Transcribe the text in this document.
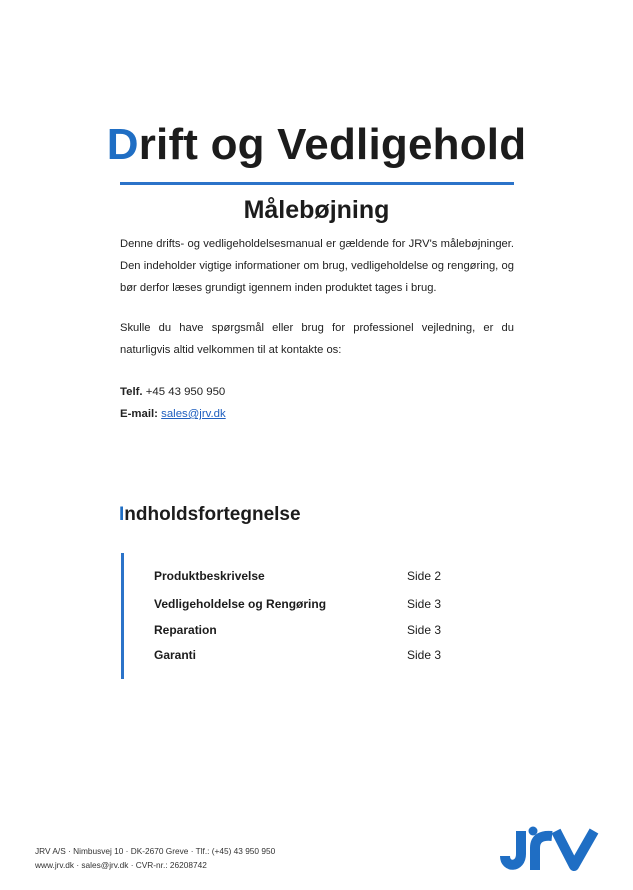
Drift og Vedligehold
Målebøjning

Denne drifts- og vedligeholdelsesmanual er gældende for JRV's målebøjninger. Den indeholder vigtige informationer om brug, vedligeholdelse og rengøring, og bør derfor læses grundigt igennem inden produktet tages i brug.

Skulle du have spørgsmål eller brug for professionel vejledning, er du naturligvis altid velkommen til at kontakte os:

Telf. +45 43 950 950
E-mail: sales@jrv.dk
Indholdsfortegnelse
Produktbeskrivelse	Side 2
Vedligeholdelse og Rengøring	Side 3
Reparation	Side 3
Garanti	Side 3
JRV A/S · Nimbusvej 10 · DK-2670 Greve · Tlf.: (+45) 43 950 950
www.jrv.dk · sales@jrv.dk · CVR-nr.: 26208742
